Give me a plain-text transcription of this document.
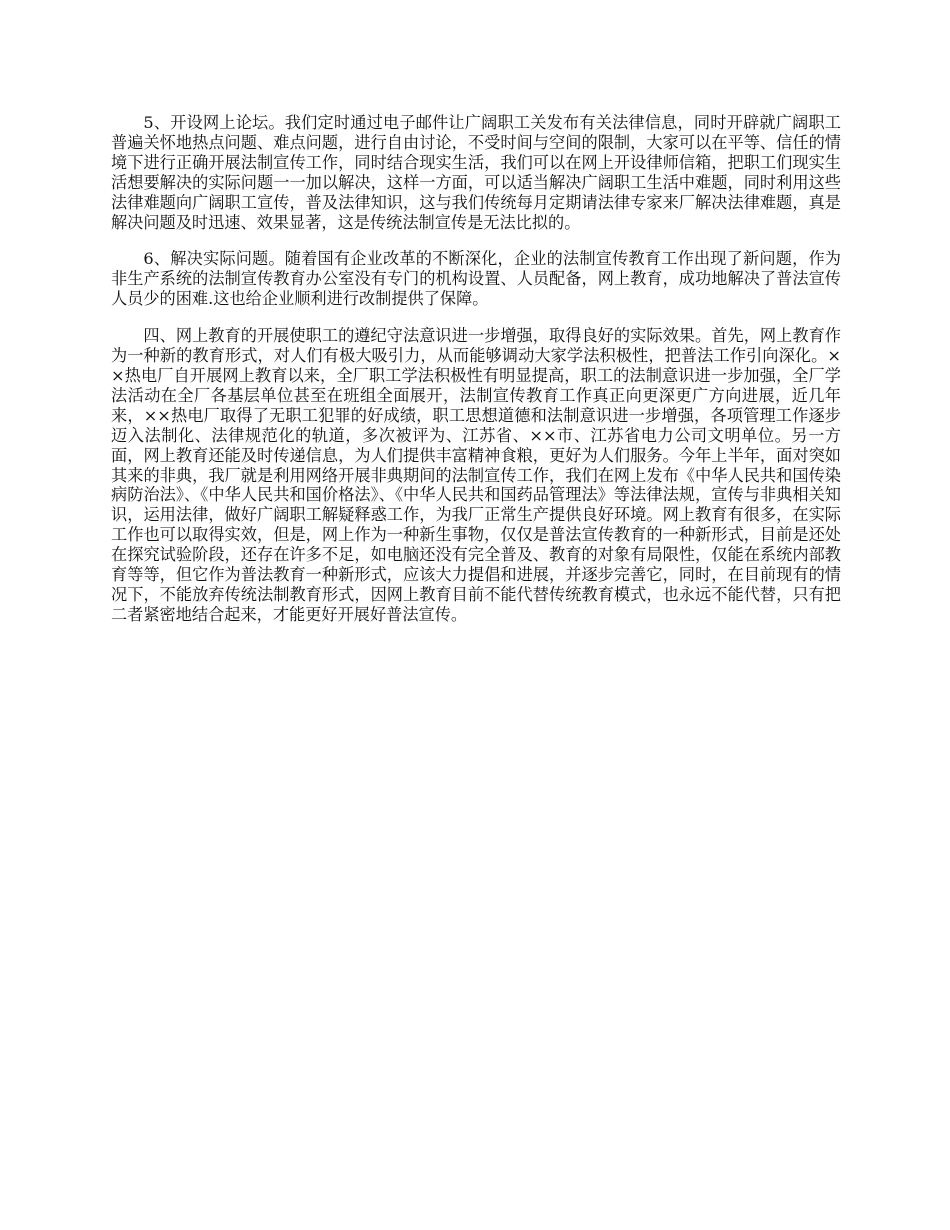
5、开设网上论坛。我们定时通过电子邮件让广阔职工关发布有关法律信息，同时开辟就广阔职工普遍关怀地热点问题、难点问题，进行自由讨论，不受时间与空间的限制，大家可以在平等、信任的情境下进行正确开展法制宣传工作，同时结合现实生活，我们可以在网上开设律师信箱，把职工们现实生活想要解决的实际问题一一加以解决，这样一方面，可以适当解决广阔职工生活中难题，同时利用这些法律难题向广阔职工宣传，普及法律知识，这与我们传统每月定期请法律专家来厂解决法律难题，真是解决问题及时迅速、效果显著，这是传统法制宣传是无法比拟的。

6、解决实际问题。随着国有企业改革的不断深化，企业的法制宣传教育工作出现了新问题，作为非生产系统的法制宣传教育办公室没有专门的机构设置、人员配备，网上教育，成功地解决了普法宣传人员少的困难.这也给企业顺利进行改制提供了保障。

四、网上教育的开展使职工的遵纪守法意识进一步增强，取得良好的实际效果。首先，网上教育作为一种新的教育形式，对人们有极大吸引力，从而能够调动大家学法积极性，把普法工作引向深化。××热电厂自开展网上教育以来，全厂职工学法积极性有明显提高，职工的法制意识进一步加强，全厂学法活动在全厂各基层单位甚至在班组全面展开，法制宣传教育工作真正向更深更广方向进展，近几年来，××热电厂取得了无职工犯罪的好成绩，职工思想道德和法制意识进一步增强，各项管理工作逐步迈入法制化、法律规范化的轨道，多次被评为、江苏省、××市、江苏省电力公司文明单位。另一方面，网上教育还能及时传递信息，为人们提供丰富精神食粮，更好为人们服务。今年上半年，面对突如其来的非典，我厂就是利用网络开展非典期间的法制宣传工作，我们在网上发布《中华人民共和国传染病防治法》、《中华人民共和国价格法》、《中华人民共和国药品管理法》等法律法规，宣传与非典相关知识，运用法律，做好广阔职工解疑释惑工作，为我厂正常生产提供良好环境。网上教育有很多，在实际工作也可以取得实效，但是，网上作为一种新生事物，仅仅是普法宣传教育的一种新形式，目前是还处在探究试验阶段，还存在许多不足，如电脑还没有完全普及、教育的对象有局限性，仅能在系统内部教育等等，但它作为普法教育一种新形式，应该大力提倡和进展，并逐步完善它，同时，在目前现有的情况下，不能放弃传统法制教育形式，因网上教育目前不能代替传统教育模式，也永远不能代替，只有把二者紧密地结合起来，才能更好开展好普法宣传。
